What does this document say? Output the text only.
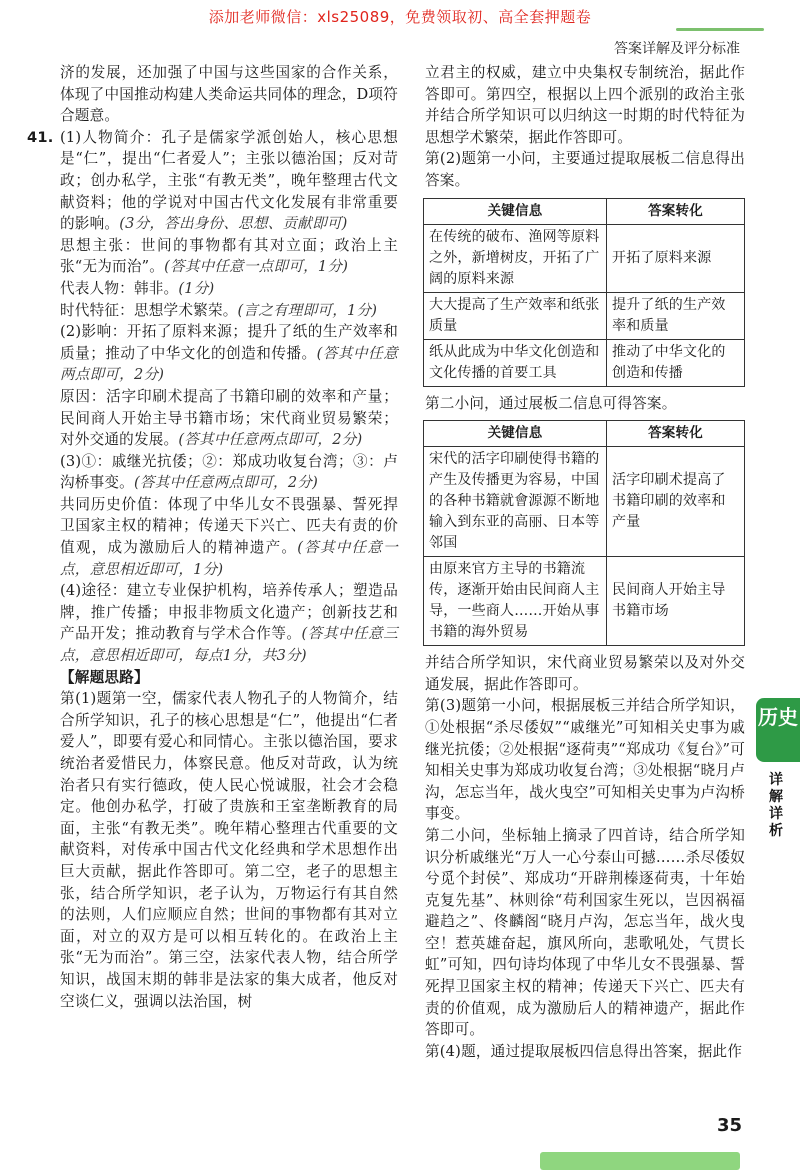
添加老师微信：xls25089，免费领取初、高全套押题卷
答案详解及评分标准

济的发展，还加强了中国与这些国家的合作关系，体现了中国推动构建人类命运共同体的理念，D项符合题意。

41. (1)人物简介：孔子是儒家学派创始人，核心思想是“仁”，提出“仁者爱人”；主张以德治国；反对苛政；创办私学，主张“有教无类”，晚年整理古代文献资料；他的学说对中国古代文化发展有非常重要的影响。(3分，答出身份、思想、贡献即可)

思想主张：世间的事物都有其对立面；政治上主张“无为而治”。(答其中任意一点即可，1分)

代表人物：韩非。(1分)

时代特征：思想学术繁荣。(言之有理即可，1分)

(2)影响：开拓了原料来源；提升了纸的生产效率和质量；推动了中华文化的创造和传播。(答其中任意两点即可，2分)

原因：活字印刷术提高了书籍印刷的效率和产量；民间商人开始主导书籍市场；宋代商业贸易繁荣；对外交通的发展。(答其中任意两点即可，2分)

(3)①：戚继光抗倭；②：郑成功收复台湾；③：卢沟桥事变。(答其中任意两点即可，2分)

共同历史价值：体现了中华儿女不畏强暴、誓死捍卫国家主权的精神；传递天下兴亡、匹夫有责的价值观，成为激励后人的精神遗产。(答其中任意一点，意思相近即可，1分)

(4)途径：建立专业保护机构，培养传承人；塑造品牌，推广传播；申报非物质文化遗产；创新技艺和产品开发；推动教育与学术合作等。(答其中任意三点，意思相近即可，每点1分，共3分)

【解题思路】

第(1)题第一空，儒家代表人物孔子的人物简介，结合所学知识，孔子的核心思想是“仁”，他提出“仁者爱人”，即要有爱心和同情心。主张以德治国，要求统治者爱惜民力，体察民意。他反对苛政，认为统治者只有实行德政，使人民心悦诚服，社会才会稳定。他创办私学，打破了贵族和王室垄断教育的局面，主张“有教无类”。晚年精心整理古代重要的文献资料，对传承中国古代文化经典和学术思想作出巨大贡献，据此作答即可。第二空，老子的思想主张，结合所学知识，老子认为，万物运行有其自然的法则，人们应顺应自然；世间的事物都有其对立面，对立的双方是可以相互转化的。在政治上主张“无为而治”。第三空，法家代表人物，结合所学知识，战国末期的韩非是法家的集大成者，他反对空谈仁义，强调以法治国，树

立君主的权威，建立中央集权专制统治，据此作答即可。第四空，根据以上四个派别的政治主张并结合所学知识可以归纳这一时期的时代特征为思想学术繁荣，据此作答即可。

第(2)题第一小问，主要通过提取展板二信息得出答案。

关键信息	答案转化
在传统的破布、渔网等原料之外，新增树皮，开拓了广阔的原料来源	开拓了原料来源
大大提高了生产效率和纸张质量	提升了纸的生产效率和质量
纸从此成为中华文化创造和文化传播的首要工具	推动了中华文化的创造和传播

第二小问，通过展板二信息可得答案。

关键信息	答案转化
宋代的活字印刷使得书籍的产生及传播更为容易，中国的各种书籍就會源源不断地输入到东亚的高丽、日本等邻国	活字印刷术提高了书籍印刷的效率和产量
由原来官方主导的书籍流传，逐渐开始由民间商人主导，一些商人……开始从事书籍的海外贸易	民间商人开始主导书籍市场

并结合所学知识，宋代商业贸易繁荣以及对外交通发展，据此作答即可。

第(3)题第一小问，根据展板三并结合所学知识，①处根据“杀尽倭奴”“戚继光”可知相关史事为戚继光抗倭；②处根据“逐荷夷”“郑成功《复台》”可知相关史事为郑成功收复台湾；③处根据“晓月卢沟，怎忘当年，战火曳空”可知相关史事为卢沟桥事变。

第二小问，坐标轴上摘录了四首诗，结合所学知识分析戚继光“万人一心兮泰山可撼……杀尽倭奴兮觅个封侯”、郑成功“开辟荆榛逐荷夷，十年始克复先基”、林则徐“苟利国家生死以，岂因祸福避趋之”、佟麟阁“晓月卢沟，怎忘当年，战火曳空！惹英雄奋起，旗风所向，悲歌吼处，气贯长虹”可知，四句诗均体现了中华儿女不畏强暴、誓死捍卫国家主权的精神；传递天下兴亡、匹夫有责的价值观，成为激励后人的精神遗产，据此作答即可。

第(4)题，通过提取展板四信息得出答案，据此作

历史
详解详析
35
